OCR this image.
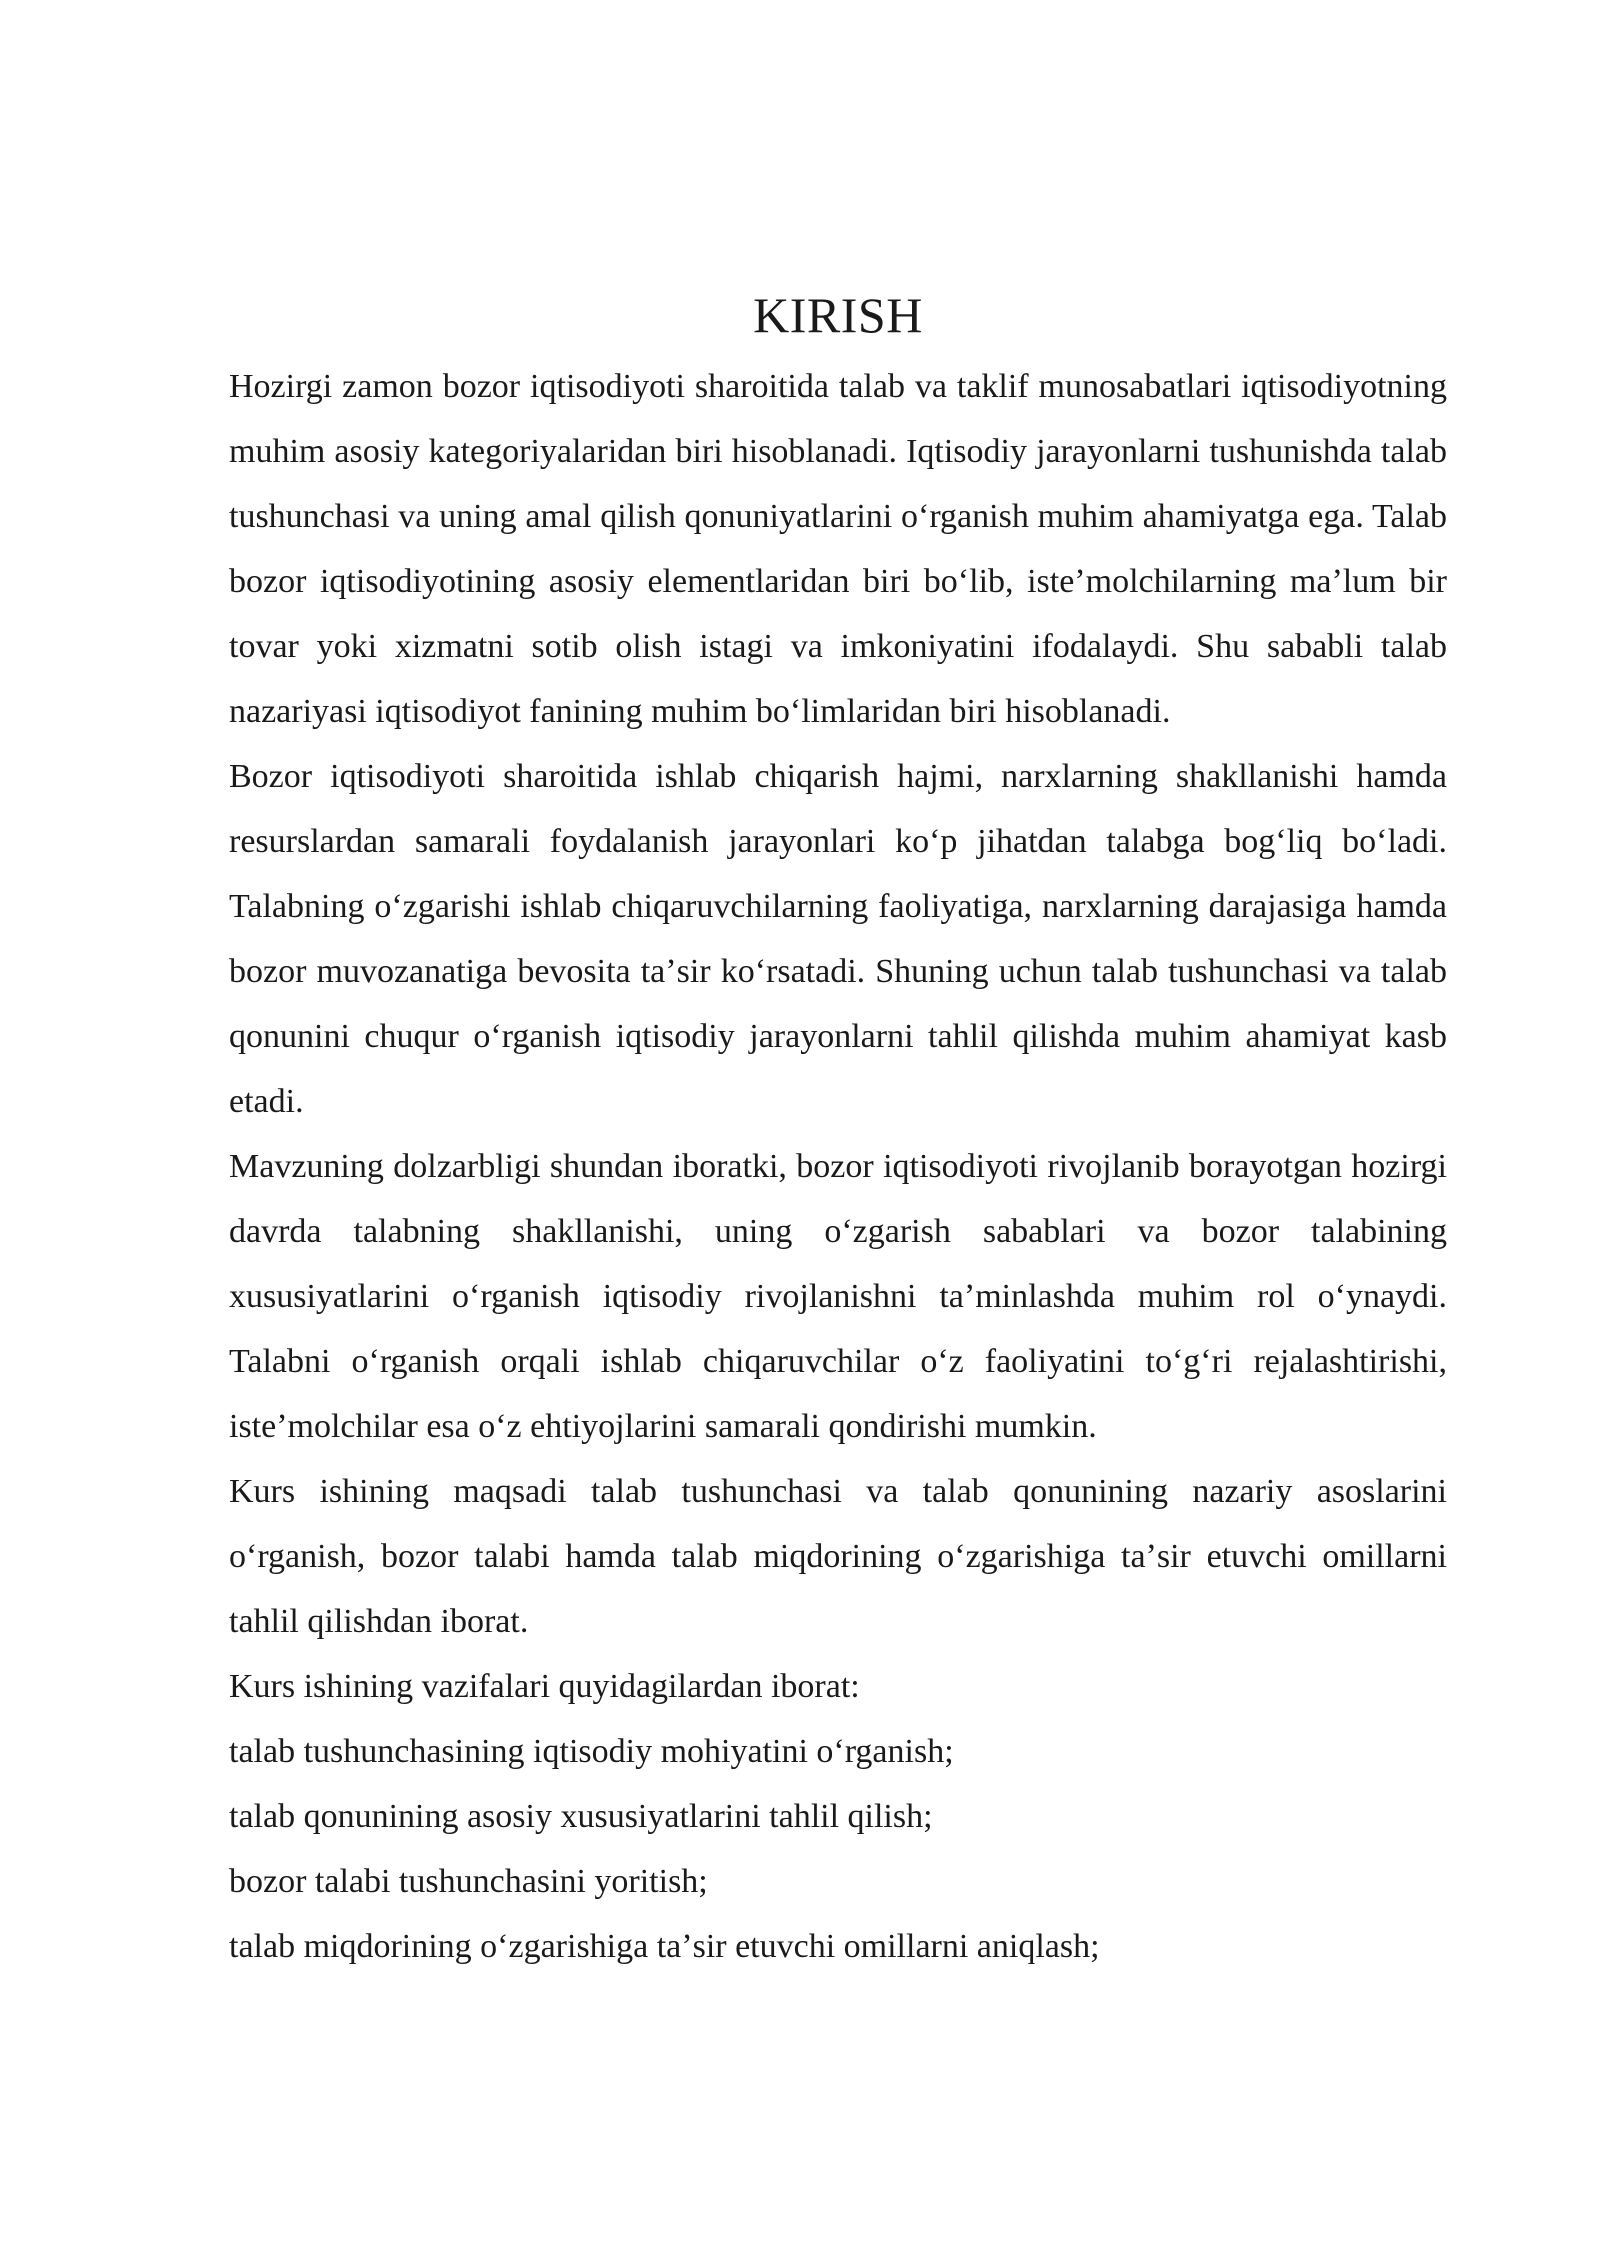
KIRISH

Hozirgi zamon bozor iqtisodiyoti sharoitida talab va taklif munosabatlari iqtisodiyotning muhim asosiy kategoriyalaridan biri hisoblanadi. Iqtisodiy jarayonlarni tushunishda talab tushunchasi va uning amal qilish qonuniyatlarini oʻrganish muhim ahamiyatga ega. Talab bozor iqtisodiyotining asosiy elementlaridan biri boʻlib, isteʼmolchilarning maʼlum bir tovar yoki xizmatni sotib olish istagi va imkoniyatini ifodalaydi. Shu sababli talab nazariyasi iqtisodiyot fanining muhim boʻlimlaridan biri hisoblanadi.

Bozor iqtisodiyoti sharoitida ishlab chiqarish hajmi, narxlarning shakllanishi hamda resurslardan samarali foydalanish jarayonlari koʻp jihatdan talabga bogʻliq boʻladi. Talabning oʻzgarishi ishlab chiqaruvchilarning faoliyatiga, narxlarning darajasiga hamda bozor muvozanatiga bevosita taʼsir koʻrsatadi. Shuning uchun talab tushunchasi va talab qonunini chuqur oʻrganish iqtisodiy jarayonlarni tahlil qilishda muhim ahamiyat kasb etadi.

Mavzuning dolzarbligi shundan iboratki, bozor iqtisodiyoti rivojlanib borayotgan hozirgi davrda talabning shakllanishi, uning oʻzgarish sabablari va bozor talabining xususiyatlarini oʻrganish iqtisodiy rivojlanishni taʼminlashda muhim rol oʻynaydi. Talabni oʻrganish orqali ishlab chiqaruvchilar oʻz faoliyatini toʻgʻri rejalashtirishi, isteʼmolchilar esa oʻz ehtiyojlarini samarali qondirishi mumkin.

Kurs ishining maqsadi talab tushunchasi va talab qonunining nazariy asoslarini oʻrganish, bozor talabi hamda talab miqdorining oʻzgarishiga taʼsir etuvchi omillarni tahlil qilishdan iborat.

Kurs ishining vazifalari quyidagilardan iborat:

talab tushunchasining iqtisodiy mohiyatini oʻrganish;

talab qonunining asosiy xususiyatlarini tahlil qilish;

bozor talabi tushunchasini yoritish;

talab miqdorining oʻzgarishiga taʼsir etuvchi omillarni aniqlash;
